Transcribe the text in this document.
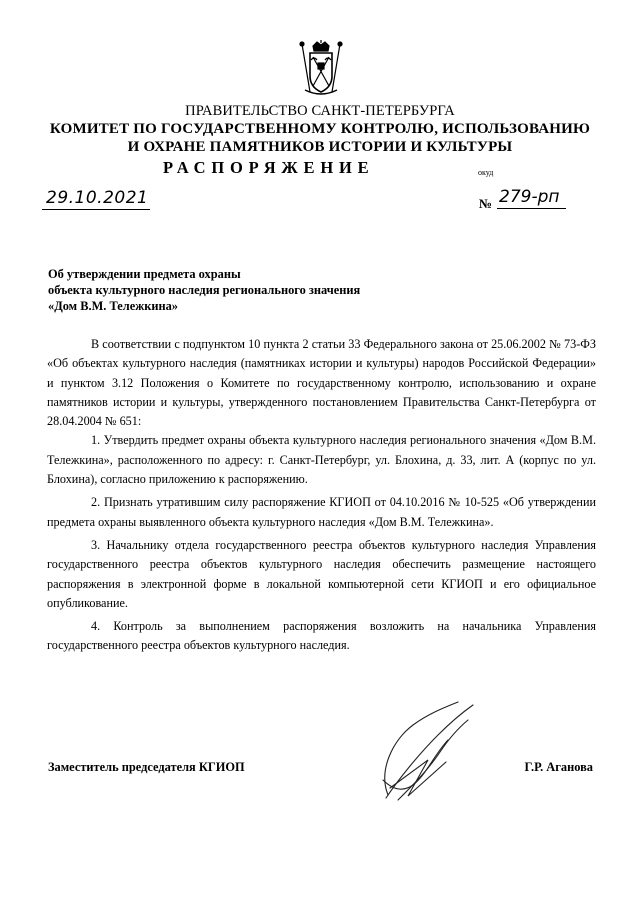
ПРАВИТЕЛЬСТВО САНКТ-ПЕТЕРБУРГА
КОМИТЕТ ПО ГОСУДАРСТВЕННОМУ КОНТРОЛЮ, ИСПОЛЬЗОВАНИЮ
И ОХРАНЕ ПАМЯТНИКОВ ИСТОРИИ И КУЛЬТУРЫ
РАСПОРЯЖЕНИЕ	окуд
29.10.2021	№ 279-рп
Об утверждении предмета охраны
объекта культурного наследия регионального значения
«Дом В.М. Тележкина»

В соответствии с подпунктом 10 пункта 2 статьи 33 Федерального закона от 25.06.2002 № 73-ФЗ «Об объектах культурного наследия (памятниках истории и культуры) народов Российской Федерации» и пунктом 3.12 Положения о Комитете по государственному контролю, использованию и охране памятников истории и культуры, утвержденного постановлением Правительства Санкт-Петербурга от 28.04.2004 № 651:

1. Утвердить предмет охраны объекта культурного наследия регионального значения «Дом В.М. Тележкина», расположенного по адресу: г. Санкт-Петербург, ул. Блохина, д. 33, лит. А (корпус по ул. Блохина), согласно приложению к распоряжению.

2. Признать утратившим силу распоряжение КГИОП от 04.10.2016 № 10-525 «Об утверждении предмета охраны выявленного объекта культурного наследия «Дом В.М. Тележкина».

3. Начальнику отдела государственного реестра объектов культурного наследия Управления государственного реестра объектов культурного наследия обеспечить размещение настоящего распоряжения в электронной форме в локальной компьютерной сети КГИОП и его официальное опубликование.

4. Контроль за выполнением распоряжения возложить на начальника Управления государственного реестра объектов культурного наследия.

Заместитель председателя КГИОП	Г.Р. Аганова
